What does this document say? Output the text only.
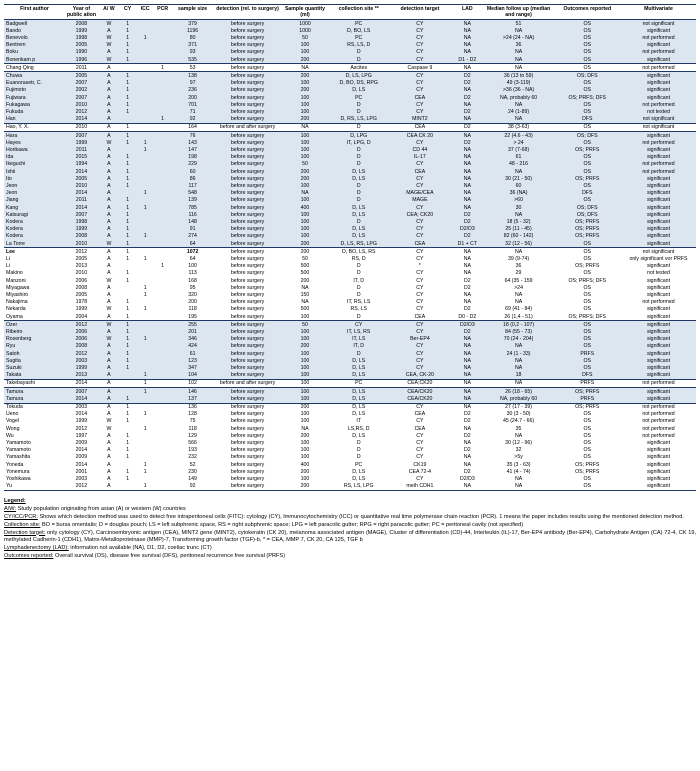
First author	Year of public ation	A/ W	CY	ICC	PCR	sample size	detection (rel. to surgery)	Sample quantity (ml)	collection site **	detection target	LAD	Median follow up (median and range)	Outcomes reported	Multivariate
Badgwell	2008	W	1			379	before surgery	1000	PC	CY	NA	51	OS	not significant
Bando	1999	A	1			1196	before surgery	1000	D, BO, LS	CY	NA	NA	OS	significant
Benevolo	1998	W	1	1		80	before surgery	50	PC	CY	NA	>24 (24 - NA)	OS	not performed
Bentrem	2005	W	1			371	before surgery	100	RS, LS, D	CY	NA	36	OS	significant
Boku	1990	A	1			93	before surgery	100	D	CY	NA	NA	OS	not performed
Bonenkam p	1996	W	1			535	before surgery	200	D	CY	D1 - D2	NA	OS	significant
Chang Qing	2011	A			1	53	before surgery	NA	Ascites	Caspase 9	NA	NA	OS	not performed
Chuwa	2005	A	1			138	before surgery	200	D, LS, LPG	CY	D2	36 (13 to 59)	OS; DFS	significant
Euanorasetr, C.	2007	A	1			97	before surgery	100	D, BO, DS, RPG	CY	D2	49 (3-119)	OS	significant
Fujimoto	2002	A	1			236	before surgery	200	D, LS	CY	NA	>36 (36 - NA)	OS	significant
Fujiwara	2007	A	1			200	before surgery	100	PC	CEA	D2	NA, probably 60	OS; PRFS; DFS	significant
Fukagawa	2010	A	1			701	before surgery	100	D	CY	NA	NA	OS	not performed
Fukuda	2012	A	1			71	before surgery	100	D	CY	D2	24 (1-89)	OS	not tested
Han	2014	A			1	92	before surgery	200	D, RS, LS, LPG	MINT2	NA	NA	DFS	not significant
Hao, Y. X.	2010	A	1			164	before and after surgery	NA	D	CEA	D2	38 (3-63)	OS	not significant
Hara	2007	A	1			76	before surgery	100	D, LPG	CEA CK 20	NA	22 (4.6 - 43)	OS; DFS	significant
Hayes	1999	W	1	1		143	before surgery	100	IT, LPG, D	CY	D2	> 24	OS	not performed
Horikawa	2011	A		1		147	before surgery	100	D	CD 44	NA	37 (7-68)	OS; PRFS	significant
Ida	2015	A	1			198	before surgery	100	D	IL-17	NA	61	OS	significant
Ikeguchi	1994	A	1			229	before surgery	50	D	CY	NA	48 - 216	OS	not performed
Ishii	2014	A	1			60	before surgery	200	D, LS	CEA	NA	NA	OS	not performed
Ito	2005	A	1			86	before surgery	200	D, LS	CY	NA	30 (21 - 50)	OS; PRFS	significant
Jeon	2010	A	1			117	before surgery	100	D	CY	NA	60	OS	significant
Jeon	2014	A		1		548	before surgery	NA	D	MAGE/CEA	NA	36 (NA)	DFS	significant
Jiang	2011	A	1			139	before surgery	100	D	MAGE	NA	>60	OS	significant
Kang	2014	A	1	1		785	before surgery	400	D, LS	CY	NA	30	OS; DFS	significant
Katsuragi	2007	A	1			116	before surgery	100	D, LS	CEA; CK20	D2	NA	OS; DFS	significant
Kodera	1998	A	1			148	before surgery	100	D	CY	D2	18 (5 - 32)	OS; PRFS	significant
Kodera	1999	A	1			91	before surgery	100	D, LS	CY	D2/D3	25 (11 - 45)	OS; PRFS	significant
Kodera	2008	A	1	1		274	before surgery	100	D, LS	CY	D2	82 (60 - 142)	OS; PRFS	significant
La Torre	2010	W	1			64	before surgery	200	D, LS, RS, LPG	CEA	D1 + CT	32 (12 - 56)	OS	significant
Lee	2012	A	1			1072	before surgery	200	D, BO, LS, RS	CY	NA	NA	OS	not significant
Li	2005	A	1	1		64	before surgery	50	RS, D	CY	NA	39 (9-74)	OS	only significant vor PRFS
Li	2013	A			1	100	before surgery	500	D	*	NA	36	OS; PRFS	significant
Makino	2010	A	1			113	before surgery	500	D	CY	NA	29	OS	not tested
Manzoni	2006	W	1			168	before surgery	200	IT, D	CY	D2	64 (35 - 159	OS; PRFS; DFS	significant
Miyagawa	2008	A		1		95	before surgery	NA	D	CY	D2	>24	OS	significant
Miyashiro	2005	A		1		320	before surgery	150	D	CY	NA	NA	OS	significant
Nakajima	1978	A	1			200	before surgery	NA	IT, RS, LS	CY	NA	NA	OS	not performed
Nekarda	1999	W	1	1		118	before surgery	500	RS, LS	CY	D2	69 (41 - 84)	OS	significant
Oyama	2004	A	1			195	before surgery	100	D	CEA	D0 - D2	26 (1,4 - 51)	OS; PRFS; DFS	significant
Ozer	2012	W	1			255	before surgery	50	CY	CY	D2/D3	18 (0,2 - 107)	OS	significant
Ribeiro	2006	A	1			201	before surgery	100	IT, LS, RS	CY	D2	84 (55 - 73)	OS	significant
Rosenberg	2006	W	1	1		346	before surgery	100	IT, LS	Ber-EP4	NA	70 (24 - 204)	OS	significant
Ryu	2008	A	1			424	before surgery	200	IT, D	CY	NA	NA	OS	significant
Satoh	2012	A	1			61	before surgery	100	D	CY	NA	24 (1 - 33)	PRFS	significant
Sugita	2003	A	1			123	before surgery	100	D, LS	CY	NA	NA	OS	significant
Suzuki	1999	A	1			347	before surgery	100	D, LS	CY	NA	NA	OS	significant
Takata	2013	A		1		104	before surgery	100	D, LS	CEA, CK-20	NA	18	DFS	significant
Takebayashi	2014	A		1		102	before and after surgery	100	PC	CEA;CK20	NA	NA	PRFS	not performed
Tamura	2007	A		1		146	before surgery	100	D, LS	CEA/CK20	NA	26 (18 - 65)	OS; PRFS	significant
Tamura	2014	A	1			137	before surgery	100	D, LS	CEA/CK20	NA	NA, probably 60	PRFS	significant
Tokuda	2003	A	1			136	before surgery	200	D, LS	CY	NA	27 (17 - 39)	OS; PRFS	not performed
Ueno	2014	A	1	1		128	before surgery	100	D, LS	CEA	D2	30 (3 - 50)	OS	not performed
Vogel	1999	W	1			75	before surgery	100	IT	CY	D2	45 (24.7 - 66)	OS	not performed
Wong	2012	W		1		118	before surgery	NA	LS,RS, D	CEA	NA	35	OS	not performed
Wu	1997	A	1			129	before surgery	200	D, LS	CY	D2	NA	OS	not performed
Yamamoto	2009	A	1			566	before surgery	100	D	CY	NA	30 (12 - 96)	OS	significant
Yamamoto	2014	A	1			193	before surgery	100	D	CY	D2	32	OS	significant
Yamashita	2009	A	1			232	before surgery	100	D	CY	NA	>5y	OS	significant
Yoneda	2014	A		1		52	before surgery	400	PC	CK19	NA	35 (3 - 63)	OS; PRFS	significant
Yonemura	2001	A	1	1		230	before surgery	200	D, LS	CEA 72-4	D2	41 (4 - 74)	OS; PRFS	significant
Yoshikawa	2003	A	1			149	before surgery	100	D, LS	CY	D2/D3	NA	OS	significant
Yu	2012	A		1		92	before surgery	200	RS, LS, LPG	meth CDH1	NA	NA	OS	significant

Legend:

A/W: Study population originating from asian (A) or western (W) countries

CY/ICC/PCR: Shows which detection method was used to detect free intraperitoneal cells (FITC): cytology (CY), Immunocytochemistry (ICC) or quantitative real time polymerase chain reaction (PCR). 1 means the paper includes results using the mentioned detection method.

Collection site: BO = bursa omentalis; D = douglas pouch; LS = left subphrenic space, RS = right subphrenic space; LPG = left paracolic gutter; RPG = right paracolic gutter; PC = peritoneal cavity (not specified)

Detection target: only cytology (CY), Carcinoembryonic antigen (CEA), MINT2 gene (MINT2), cytokeratin (CK 20), melanoma associated antigen (MAGE), Cluster of differentiation (CD)-44, Interleukin (IL)-17, Ber-EP4 antibody (Ber-EP4), Carbohydrate Antigen (CA) 72-4, CK 19, methylated Cadherin-1 (CDH1), Matrix-Metalloproteinase (MMP)-7, Transforming growth factor (TGF)-b, * = CEA, MMP 7, CK 20, CA 125, TGF b

Lymphadenectomy (LAD): information not available (NA), D1, D2, coeliac trunc (CT)

Outcomes reported: Overall survival (OS), disease free survival (DFS), peritoneal recurrence free survival (PRFS)
